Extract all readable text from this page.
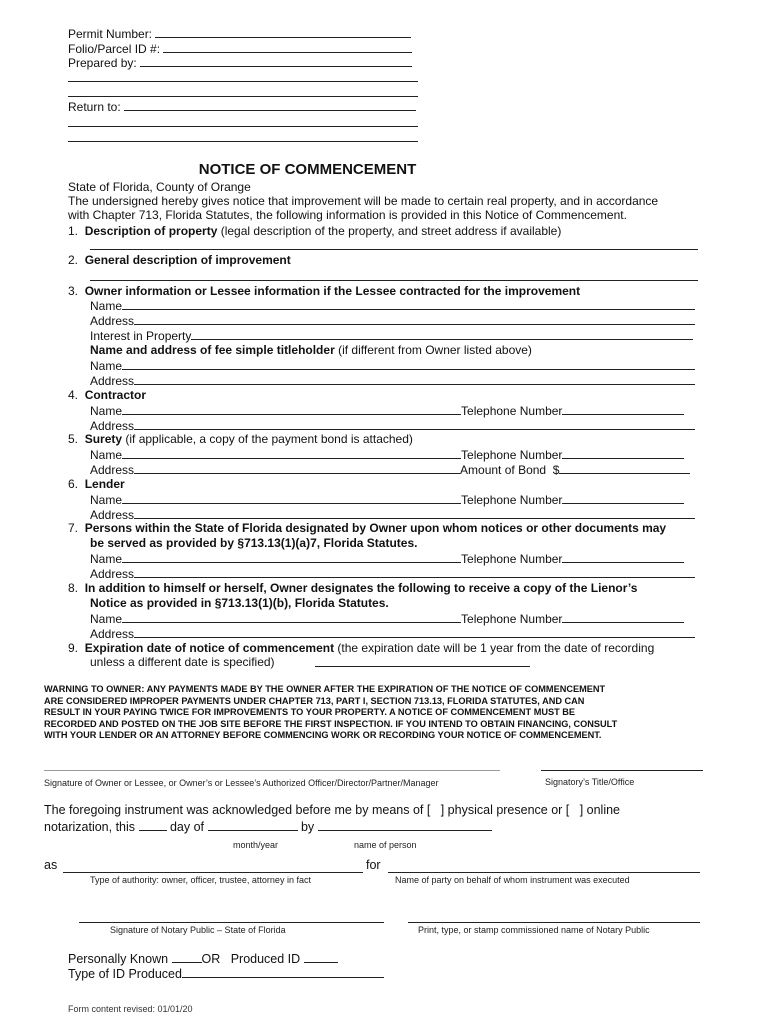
Permit Number:
Folio/Parcel ID #:
Prepared by:
Return to:
NOTICE OF COMMENCEMENT
State of Florida, County of Orange
The undersigned hereby gives notice that improvement will be made to certain real property, and in accordance
with Chapter 713, Florida Statutes, the following information is provided in this Notice of Commencement.
1. Description of property (legal description of the property, and street address if available)
2. General description of improvement
3. Owner information or Lessee information if the Lessee contracted for the improvement
Name
Address
Interest in Property
Name and address of fee simple titleholder (if different from Owner listed above)
Name
Address
4. Contractor
Name	Telephone Number
Address
5. Surety (if applicable, a copy of the payment bond is attached)
Name	Telephone Number
Address	Amount of Bond  $
6. Lender
Name	Telephone Number
Address
7. Persons within the State of Florida designated by Owner upon whom notices or other documents may
be served as provided by §713.13(1)(a)7, Florida Statutes.
Name	Telephone Number
Address
8. In addition to himself or herself, Owner designates the following to receive a copy of the Lienor’s
Notice as provided in §713.13(1)(b), Florida Statutes.
Name	Telephone Number
Address
9. Expiration date of notice of commencement (the expiration date will be 1 year from the date of recording
unless a different date is specified)
WARNING TO OWNER: ANY PAYMENTS MADE BY THE OWNER AFTER THE EXPIRATION OF THE NOTICE OF COMMENCEMENT
ARE CONSIDERED IMPROPER PAYMENTS UNDER CHAPTER 713, PART I, SECTION 713.13, FLORIDA STATUTES, AND CAN
RESULT IN YOUR PAYING TWICE FOR IMPROVEMENTS TO YOUR PROPERTY. A NOTICE OF COMMENCEMENT MUST BE
RECORDED AND POSTED ON THE JOB SITE BEFORE THE FIRST INSPECTION. IF YOU INTEND TO OBTAIN FINANCING, CONSULT
WITH YOUR LENDER OR AN ATTORNEY BEFORE COMMENCING WORK OR RECORDING YOUR NOTICE OF COMMENCEMENT.
Signature of Owner or Lessee, or Owner’s or Lessee’s Authorized Officer/Director/Partner/Manager	Signatory’s Title/Office
The foregoing instrument was acknowledged before me by means of [   ] physical presence or [   ] online
notarization, this  day of	by
month/year	name of person
as	for
Type of authority: owner, officer, trustee, attorney in fact	Name of party on behalf of whom instrument was executed
Signature of Notary Public – State of Florida	Print, type, or stamp commissioned name of Notary Public
Personally Known OR   Produced ID
Type of ID Produced
Form content revised: 01/01/20
